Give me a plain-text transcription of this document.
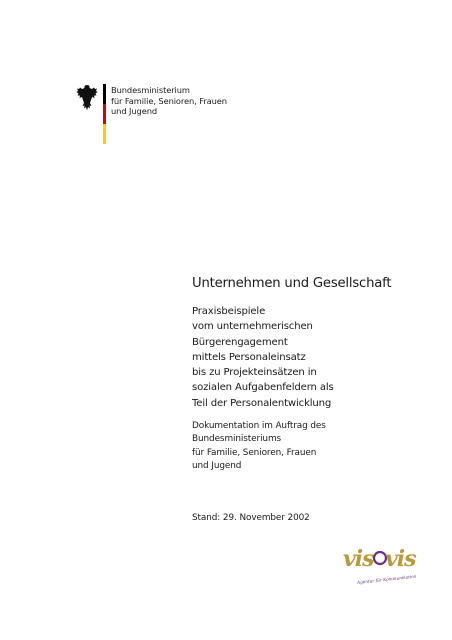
Bundesministerium
für Familie, Senioren, Frauen
und Jugend
Unternehmen und Gesellschaft
Praxisbeispiele
vom unternehmerischen
Bürgerengagement
mittels Personaleinsatz
bis zu Projekteinsätzen in
sozialen Aufgabenfeldern als
Teil der Personalentwicklung
Dokumentation im Auftrag des
Bundesministeriums
für Familie, Senioren, Frauen
und Jugend
Stand: 29. November 2002
vis vis
Agentur für Kommunikation
